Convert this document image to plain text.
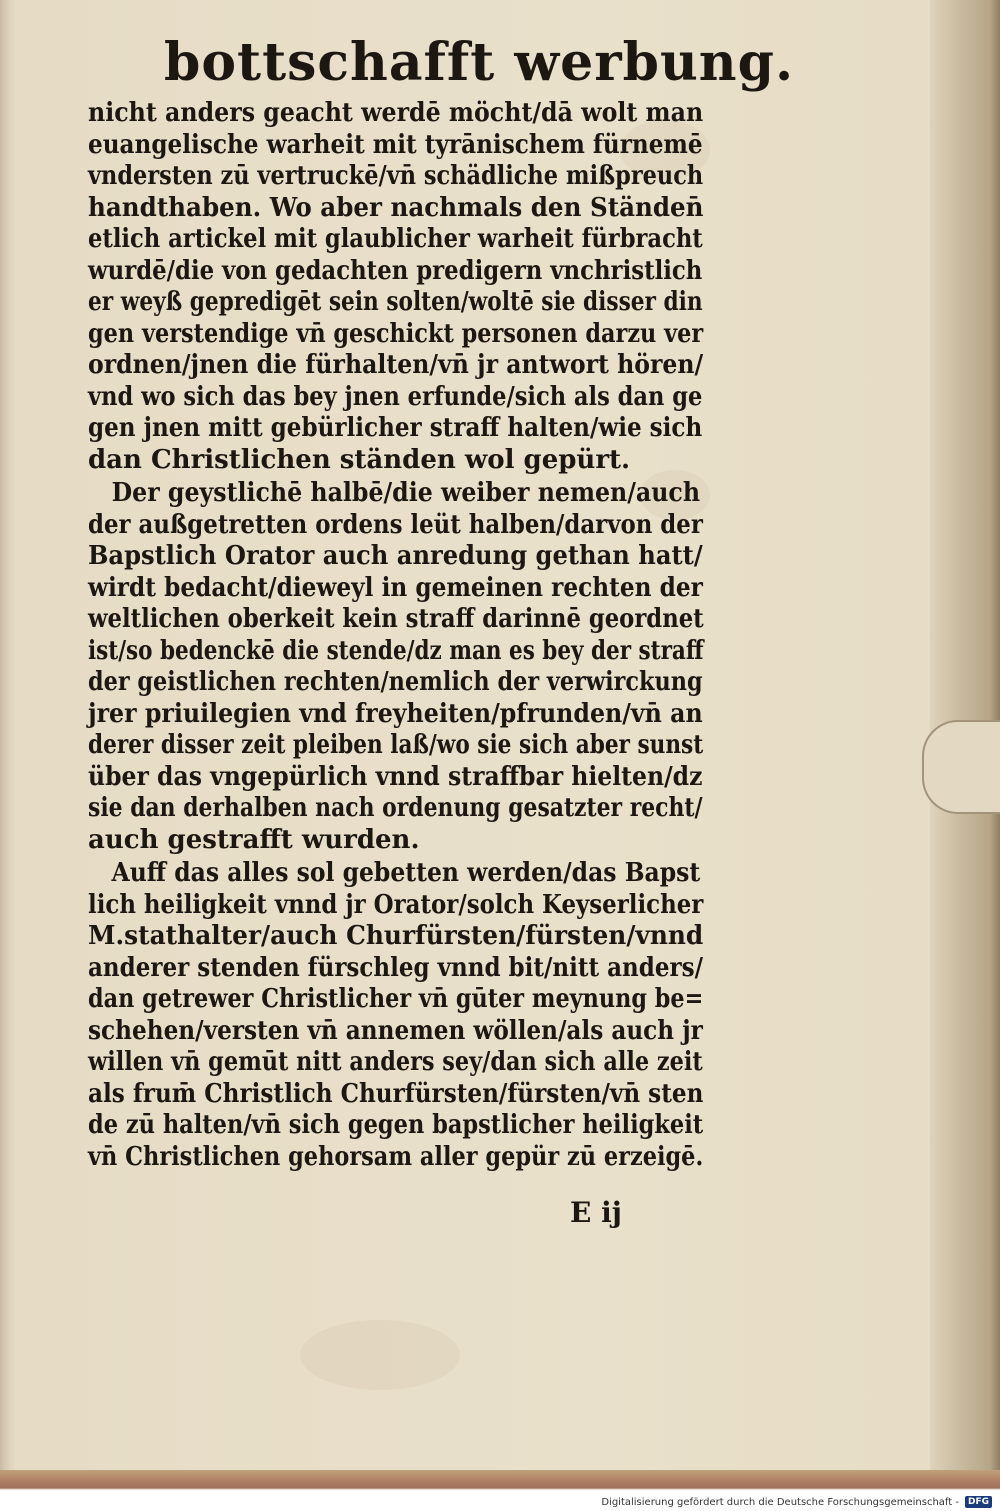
bottschafft werbung.
nicht anders geacht werdē möcht/dā wolt man
euangelische warheit mit tyrānischem fürnemē
vndersten zū vertruckē/vn̄ schädliche mißpreuch
handthaben. Wo aber nachmals den Ständen̄
etlich artickel mit glaublicher warheit fürbracht
wurdē/die von gedachten predigern vnchristlich
er weyß gepredigēt sein solten/woltē sie disser din
gen verstendige vn̄ geschickt personen darzu ver
ordnen/jnen die fürhalten/vn̄ jr antwort hören/
vnd wo sich das bey jnen erfunde/sich als dan ge
gen jnen mitt gebürlicher straff halten/wie sich
dan Christlichen ständen wol gepürt.
Der geystlichē halbē/die weiber nemen/auch
der außgetretten ordens leüt halben/darvon der
Bapstlich Orator auch anredung gethan hatt/
wirdt bedacht/dieweyl in gemeinen rechten der
weltlichen oberkeit kein straff darinnē geordnet
ist/so bedenckē die stende/dz man es bey der straff
der geistlichen rechten/nemlich der verwirckung
jrer priuilegien vnd freyheiten/pfrunden/vn̄ an
derer disser zeit pleiben laß/wo sie sich aber sunst
über das vngepürlich vnnd straffbar hielten/dz
sie dan derhalben nach ordenung gesatzter recht/
auch gestrafft wurden.
Auff das alles sol gebetten werden/das Bapst
lich heiligkeit vnnd jr Orator/solch Keyserlicher
M.stathalter/auch Churfürsten/fürsten/vnnd
anderer stenden fürschleg vnnd bit/nitt anders/
dan getrewer Christlicher vn̄ gūter meynung be=
schehen/versten vn̄ annemen wöllen/als auch jr
willen vn̄ gemūt nitt anders sey/dan sich alle zeit
als frum̄ Christlich Churfürsten/fürsten/vn̄ sten
de zū halten/vn̄ sich gegen bapstlicher heiligkeit
vn̄ Christlichen gehorsam aller gepür zū erzeigē.
E ij
Digitalisierung gefördert durch die Deutsche Forschungsgemeinschaft -	DFG
